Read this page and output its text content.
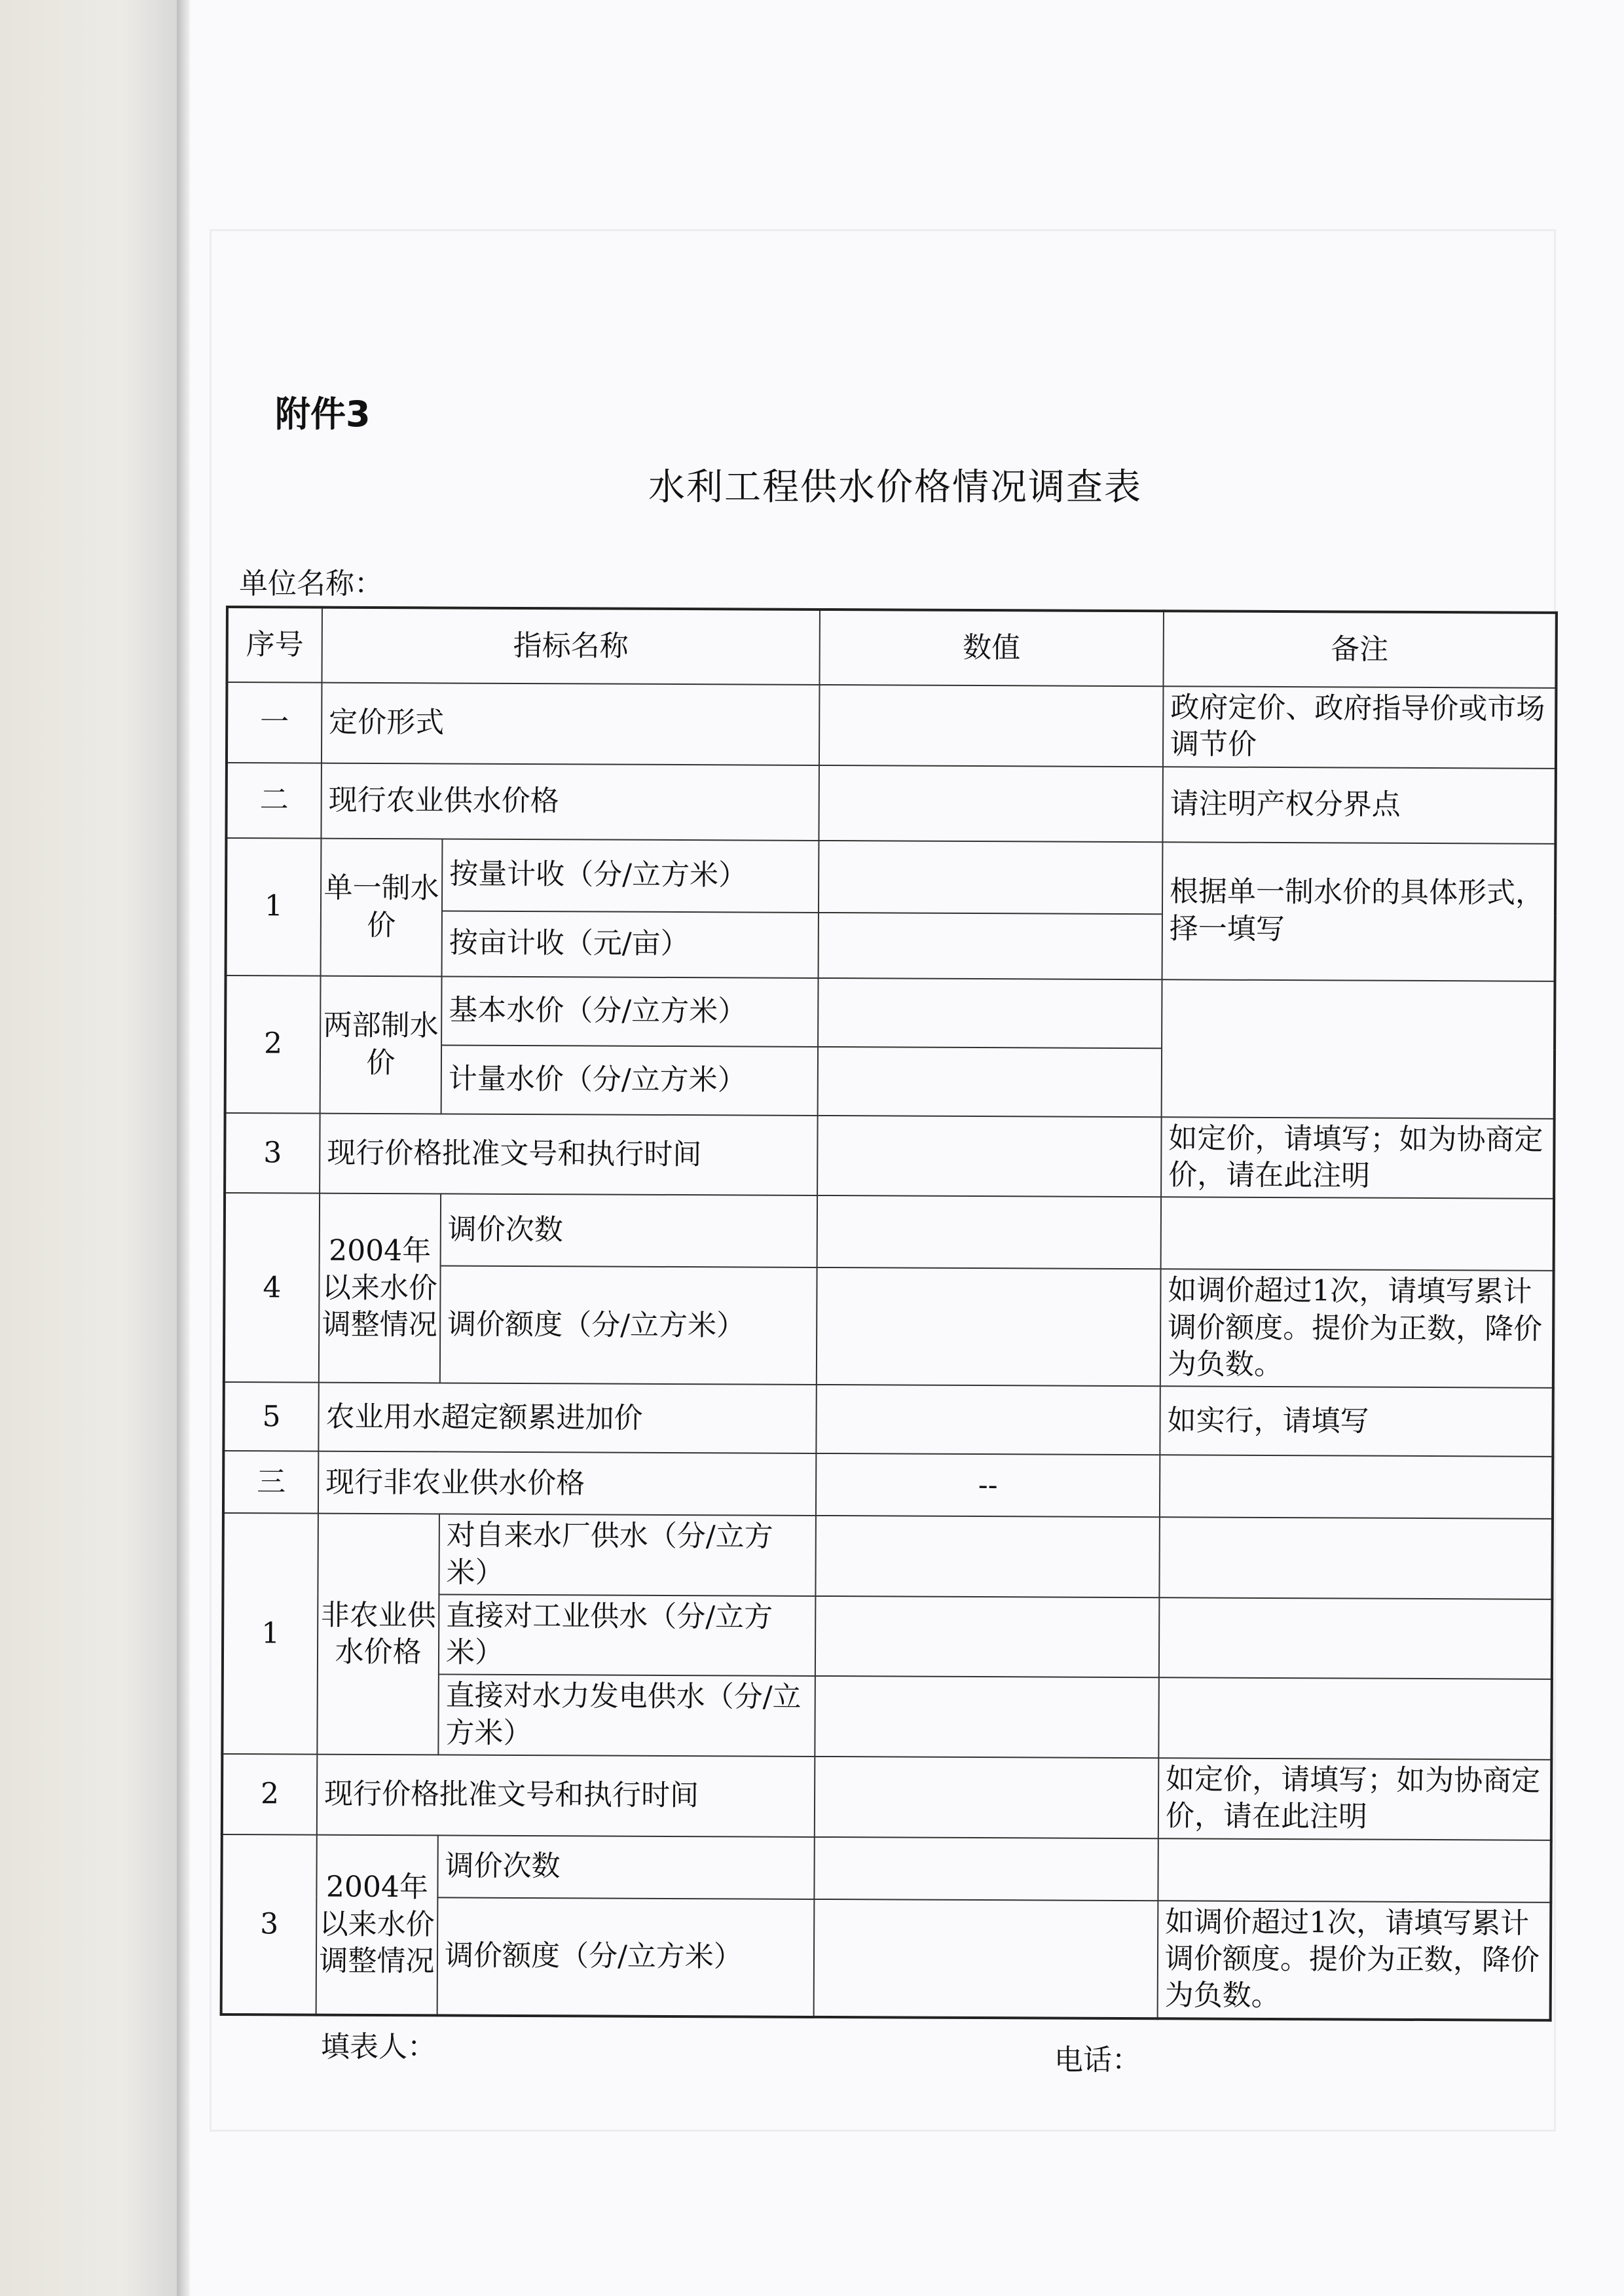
附件3
水利工程供水价格情况调查表
单位名称：
序号	指标名称		数值	备注
一	定价形式			政府定价、政府指导价或市场调节价
二	现行农业供水价格			请注明产权分界点
1	单一制水价	按量计收（分/立方米）		根据单一制水价的具体形式，择一填写
		按亩计收（元/亩）		
2	两部制水价	基本水价（分/立方米）		
		计量水价（分/立方米）		
3	现行价格批准文号和执行时间			如定价，请填写；如为协商定价，请在此注明
4	2004年以来水价调整情况	调价次数		
		调价额度（分/立方米）		如调价超过1次，请填写累计调价额度。提价为正数，降价为负数。
5	农业用水超定额累进加价			如实行，请填写
三	现行非农业供水价格		--	
1	非农业供水价格	对自来水厂供水（分/立方米）		
		直接对工业供水（分/立方米）		
		直接对水力发电供水（分/立方米）		
2	现行价格批准文号和执行时间			如定价，请填写；如为协商定价，请在此注明
3	2004年以来水价调整情况	调价次数		
		调价额度（分/立方米）		如调价超过1次，请填写累计调价额度。提价为正数，降价为负数。
填表人：	电话：
